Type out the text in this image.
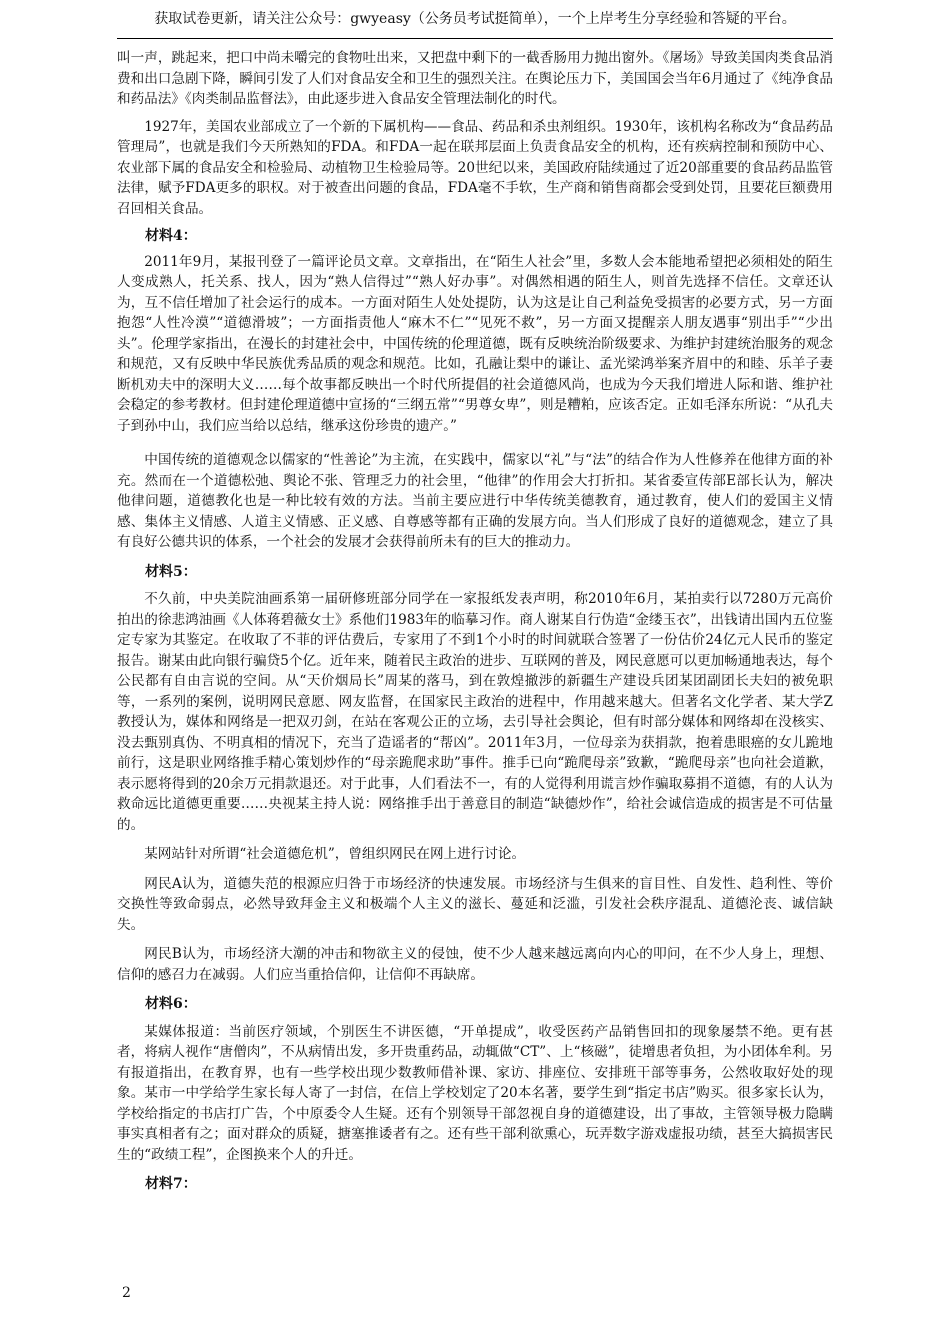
获取试卷更新，请关注公众号：gwyeasy（公务员考试挺简单），一个上岸考生分享经验和答疑的平台。

叫一声，跳起来，把口中尚未嚼完的食物吐出来，又把盘中剩下的一截香肠用力抛出窗外。《屠场》导致美国肉类食品消费和出口急剧下降，瞬间引发了人们对食品安全和卫生的强烈关注。在舆论压力下，美国国会当年6月通过了《纯净食品和药品法》《肉类制品监督法》，由此逐步进入食品安全管理法制化的时代。

1927年，美国农业部成立了一个新的下属机构——食品、药品和杀虫剂组织。1930年，该机构名称改为“食品药品管理局”，也就是我们今天所熟知的FDA。和FDA一起在联邦层面上负责食品安全的机构，还有疾病控制和预防中心、农业部下属的食品安全和检验局、动植物卫生检验局等。20世纪以来，美国政府陆续通过了近20部重要的食品药品监管法律，赋予FDA更多的职权。对于被查出问题的食品，FDA毫不手软，生产商和销售商都会受到处罚，且要花巨额费用召回相关食品。

材料4：

2011年9月，某报刊登了一篇评论员文章。文章指出，在“陌生人社会”里，多数人会本能地希望把必须相处的陌生人变成熟人，托关系、找人，因为“熟人信得过”“熟人好办事”。对偶然相遇的陌生人，则首先选择不信任。文章还认为，互不信任增加了社会运行的成本。一方面对陌生人处处提防，认为这是让自己利益免受损害的必要方式，另一方面抱怨“人性冷漠”“道德滑坡”；一方面指责他人“麻木不仁”“见死不救”，另一方面又提醒亲人朋友遇事“别出手”“少出头”。伦理学家指出，在漫长的封建社会中，中国传统的伦理道德，既有反映统治阶级要求、为维护封建统治服务的观念和规范，又有反映中华民族优秀品质的观念和规范。比如，孔融让梨中的谦让、孟光梁鸿举案齐眉中的和睦、乐羊子妻断机劝夫中的深明大义……每个故事都反映出一个时代所提倡的社会道德风尚，也成为今天我们增进人际和谐、维护社会稳定的参考教材。但封建伦理道德中宣扬的“三纲五常”“男尊女卑”，则是糟粕，应该否定。正如毛泽东所说：“从孔夫子到孙中山，我们应当给以总结，继承这份珍贵的遗产。”

中国传统的道德观念以儒家的“性善论”为主流，在实践中，儒家以“礼”与“法”的结合作为人性修养在他律方面的补充。然而在一个道德松弛、舆论不张、管理乏力的社会里，“他律”的作用会大打折扣。某省委宣传部E部长认为，解决他律问题，道德教化也是一种比较有效的方法。当前主要应进行中华传统美德教育，通过教育，使人们的爱国主义情感、集体主义情感、人道主义情感、正义感、自尊感等都有正确的发展方向。当人们形成了良好的道德观念，建立了具有良好公德共识的体系，一个社会的发展才会获得前所未有的巨大的推动力。

材料5：

不久前，中央美院油画系第一届研修班部分同学在一家报纸发表声明，称2010年6月，某拍卖行以7280万元高价拍出的徐悲鸿油画《人体蒋碧薇女士》系他们1983年的临摹习作。商人谢某自行伪造“金缕玉衣”，出钱请出国内五位鉴定专家为其鉴定。在收取了不菲的评估费后，专家用了不到1个小时的时间就联合签署了一份估价24亿元人民币的鉴定报告。谢某由此向银行骗贷5个亿。近年来，随着民主政治的进步、互联网的普及，网民意愿可以更加畅通地表达，每个公民都有自由言说的空间。从“天价烟局长”周某的落马，到在敦煌撤涉的新疆生产建设兵团某团副团长夫妇的被免职等，一系列的案例，说明网民意愿、网友监督，在国家民主政治的进程中，作用越来越大。但著名文化学者、某大学Z教授认为，媒体和网络是一把双刃剑，在站在客观公正的立场，去引导社会舆论，但有时部分媒体和网络却在没核实、没去甄别真伪、不明真相的情况下，充当了造谣者的“帮凶”。2011年3月，一位母亲为获捐款，抱着患眼癌的女儿跪地前行，这是职业网络推手精心策划炒作的“母亲跪爬求助”事件。推手已向“跪爬母亲”致歉，“跪爬母亲”也向社会道歉，表示愿将得到的20余万元捐款退还。对于此事，人们看法不一，有的人觉得利用谎言炒作骗取募捐不道德，有的人认为救命远比道德更重要……央视某主持人说：网络推手出于善意目的制造“缺德炒作”，给社会诚信造成的损害是不可估量的。

某网站针对所谓“社会道德危机”，曾组织网民在网上进行讨论。

网民A认为，道德失范的根源应归咎于市场经济的快速发展。市场经济与生俱来的盲目性、自发性、趋利性、等价交换性等致命弱点，必然导致拜金主义和极端个人主义的滋长、蔓延和泛滥，引发社会秩序混乱、道德沦丧、诚信缺失。

网民B认为，市场经济大潮的冲击和物欲主义的侵蚀，使不少人越来越远离向内心的叩问，在不少人身上，理想、信仰的感召力在减弱。人们应当重拾信仰，让信仰不再缺席。

材料6：

某媒体报道：当前医疗领域，个别医生不讲医德，“开单提成”，收受医药产品销售回扣的现象屡禁不绝。更有甚者，将病人视作“唐僧肉”，不从病情出发，多开贵重药品，动辄做“CT”、上“核磁”，徒增患者负担，为小团体牟利。另有报道指出，在教育界，也有一些学校出现少数教师借补课、家访、排座位、安排班干部等事务，公然收取好处的现象。某市一中学给学生家长每人寄了一封信，在信上学校划定了20本名著，要学生到“指定书店”购买。很多家长认为，学校给指定的书店打广告，个中原委令人生疑。还有个别领导干部忽视自身的道德建设，出了事故，主管领导极力隐瞒事实真相者有之；面对群众的质疑，搪塞推诿者有之。还有些干部利欲熏心，玩弄数字游戏虚报功绩，甚至大搞损害民生的“政绩工程”，企图换来个人的升迁。

材料7：

2
